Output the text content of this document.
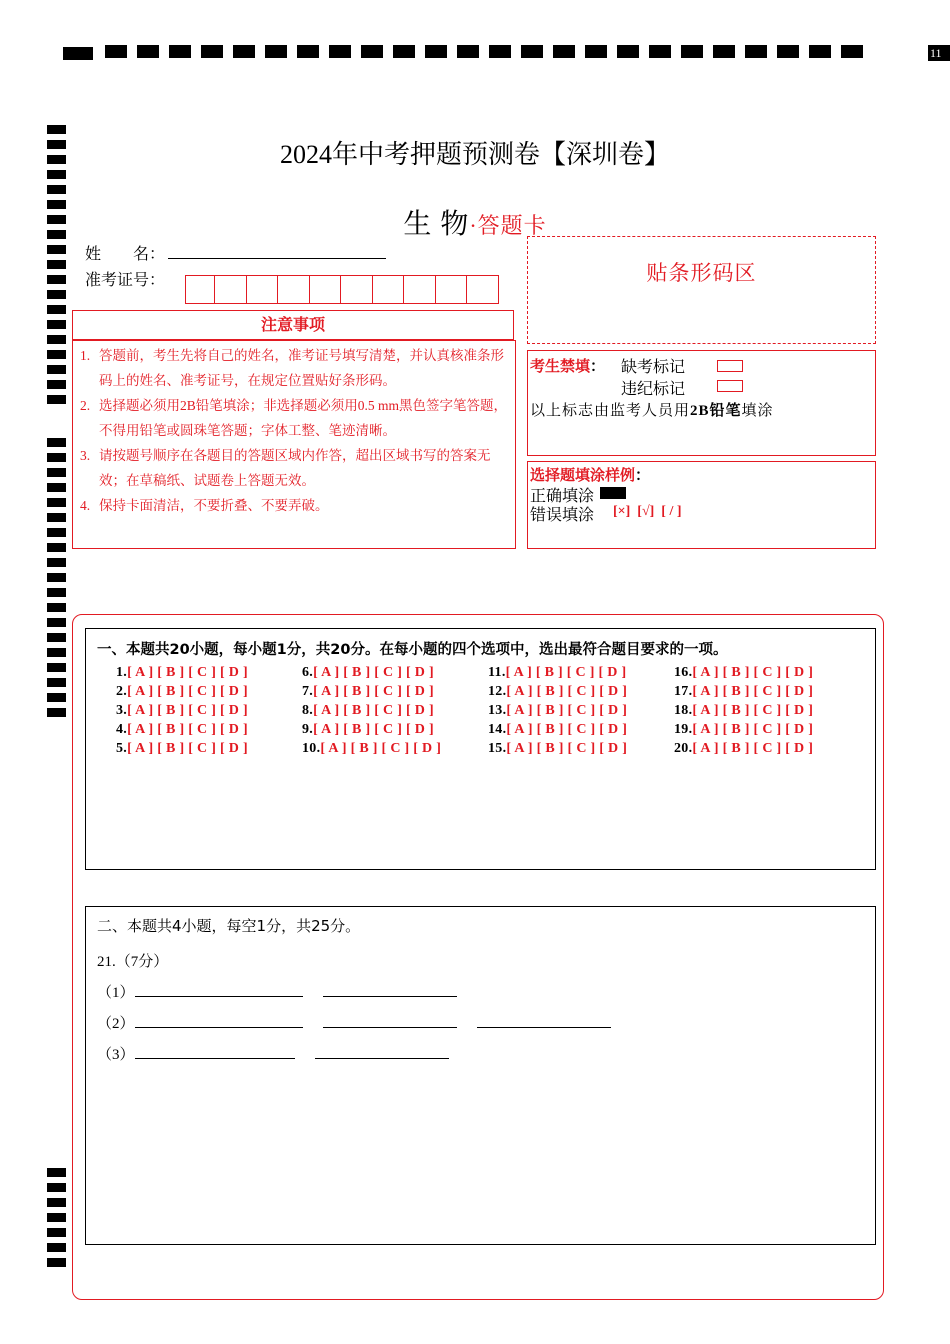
11
2024年中考押题预测卷【深圳卷】
生 物·答题卡
姓　　名：
准考证号：
注意事项
1. 答题前，考生先将自己的姓名，准考证号填写清楚，并认真核准条形码上的姓名、准考证号，在规定位置贴好条形码。
2. 选择题必须用2B铅笔填涂；非选择题必须用0.5 mm黑色签字笔答题，不得用铅笔或圆珠笔答题；字体工整、笔迹清晰。
3. 请按题号顺序在各题目的答题区域内作答，超出区域书写的答案无效；在草稿纸、试题卷上答题无效。
4. 保持卡面清洁，不要折叠、不要弄破。
贴条形码区
考生禁填： 缺考标记
违纪标记
以上标志由监考人员用2B铅笔填涂
选择题填涂样例：
正确填涂
错误填涂 [×]  [√]  [ / ]
一、本题共20小题，每小题1分，共20分。在每小题的四个选项中，选出最符合题目要求的一项。
1.[ A ] [ B ] [ C ] [ D ]
2.[ A ] [ B ] [ C ] [ D ]
3.[ A ] [ B ] [ C ] [ D ]
4.[ A ] [ B ] [ C ] [ D ]
5.[ A ] [ B ] [ C ] [ D ]
6.[ A ] [ B ] [ C ] [ D ]
7.[ A ] [ B ] [ C ] [ D ]
8.[ A ] [ B ] [ C ] [ D ]
9.[ A ] [ B ] [ C ] [ D ]
10.[ A ] [ B ] [ C ] [ D ]
11.[ A ] [ B ] [ C ] [ D ]
12.[ A ] [ B ] [ C ] [ D ]
13.[ A ] [ B ] [ C ] [ D ]
14.[ A ] [ B ] [ C ] [ D ]
15.[ A ] [ B ] [ C ] [ D ]
16.[ A ] [ B ] [ C ] [ D ]
17.[ A ] [ B ] [ C ] [ D ]
18.[ A ] [ B ] [ C ] [ D ]
19.[ A ] [ B ] [ C ] [ D ]
20.[ A ] [ B ] [ C ] [ D ]
二、本题共4小题，每空1分，共25分。
21.（7分）
（1）
（2）
（3）
